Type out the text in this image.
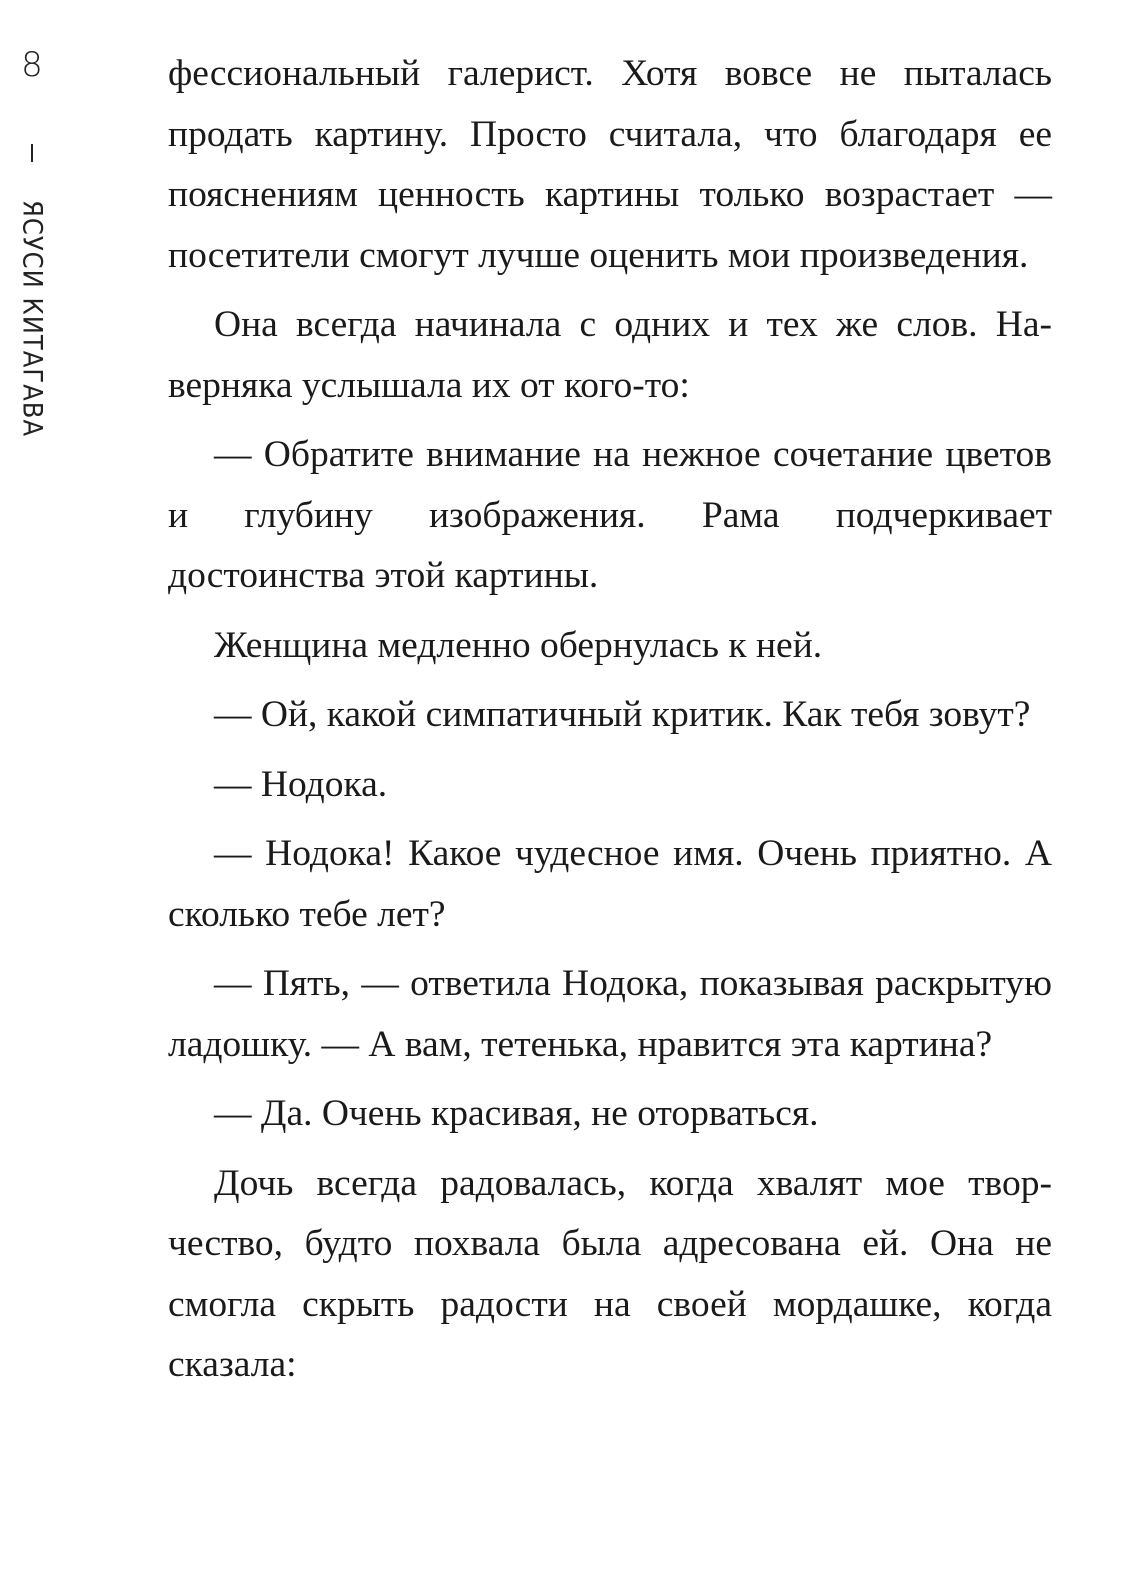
8
ЯСУСИ КИТАГАВА

фессиональный галерист. Хотя вовсе не пыталась продать картину. Просто считала, что благодаря ее пояснениям ценность картины только возрастает — посетители смогут лучше оценить мои произведения.

Она всегда начинала с одних и тех же слов. Наверняка услышала их от кого-то:

— Обратите внимание на нежное сочетание цветов и глубину изображения. Рама подчеркивает достоинства этой картины.

Женщина медленно обернулась к ней.

— Ой, какой симпатичный критик. Как тебя зовут?

— Нодока.

— Нодока! Какое чудесное имя. Очень приятно. А сколько тебе лет?

— Пять, — ответила Нодока, показывая раскрытую ладошку. — А вам, тетенька, нравится эта картина?

— Да. Очень красивая, не оторваться.

Дочь всегда радовалась, когда хвалят мое творчество, будто похвала была адресована ей. Она не смогла скрыть радости на своей мордашке, когда сказала:
